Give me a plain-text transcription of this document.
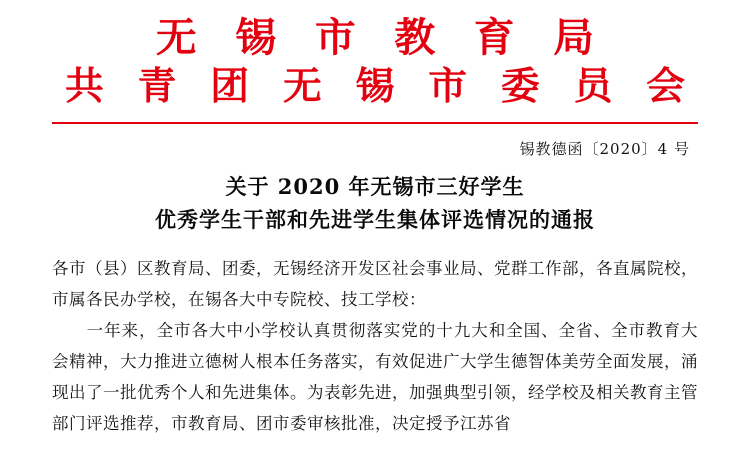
无 锡 市 教 育 局
共 青 团 无 锡 市 委 员 会
锡教德函〔2020〕4 号
关于 2020 年无锡市三好学生
优秀学生干部和先进学生集体评选情况的通报

各市（县）区教育局、团委，无锡经济开发区社会事业局、党群工作部，各直属院校，市属各民办学校，在锡各大中专院校、技工学校：

一年来，全市各大中小学校认真贯彻落实党的十九大和全国、全省、全市教育大会精神，大力推进立德树人根本任务落实，有效促进广大学生德智体美劳全面发展，涌现出了一批优秀个人和先进集体。为表彰先进，加强典型引领，经学校及相关教育主管部门评选推荐，市教育局、团市委审核批准，决定授予江苏省
